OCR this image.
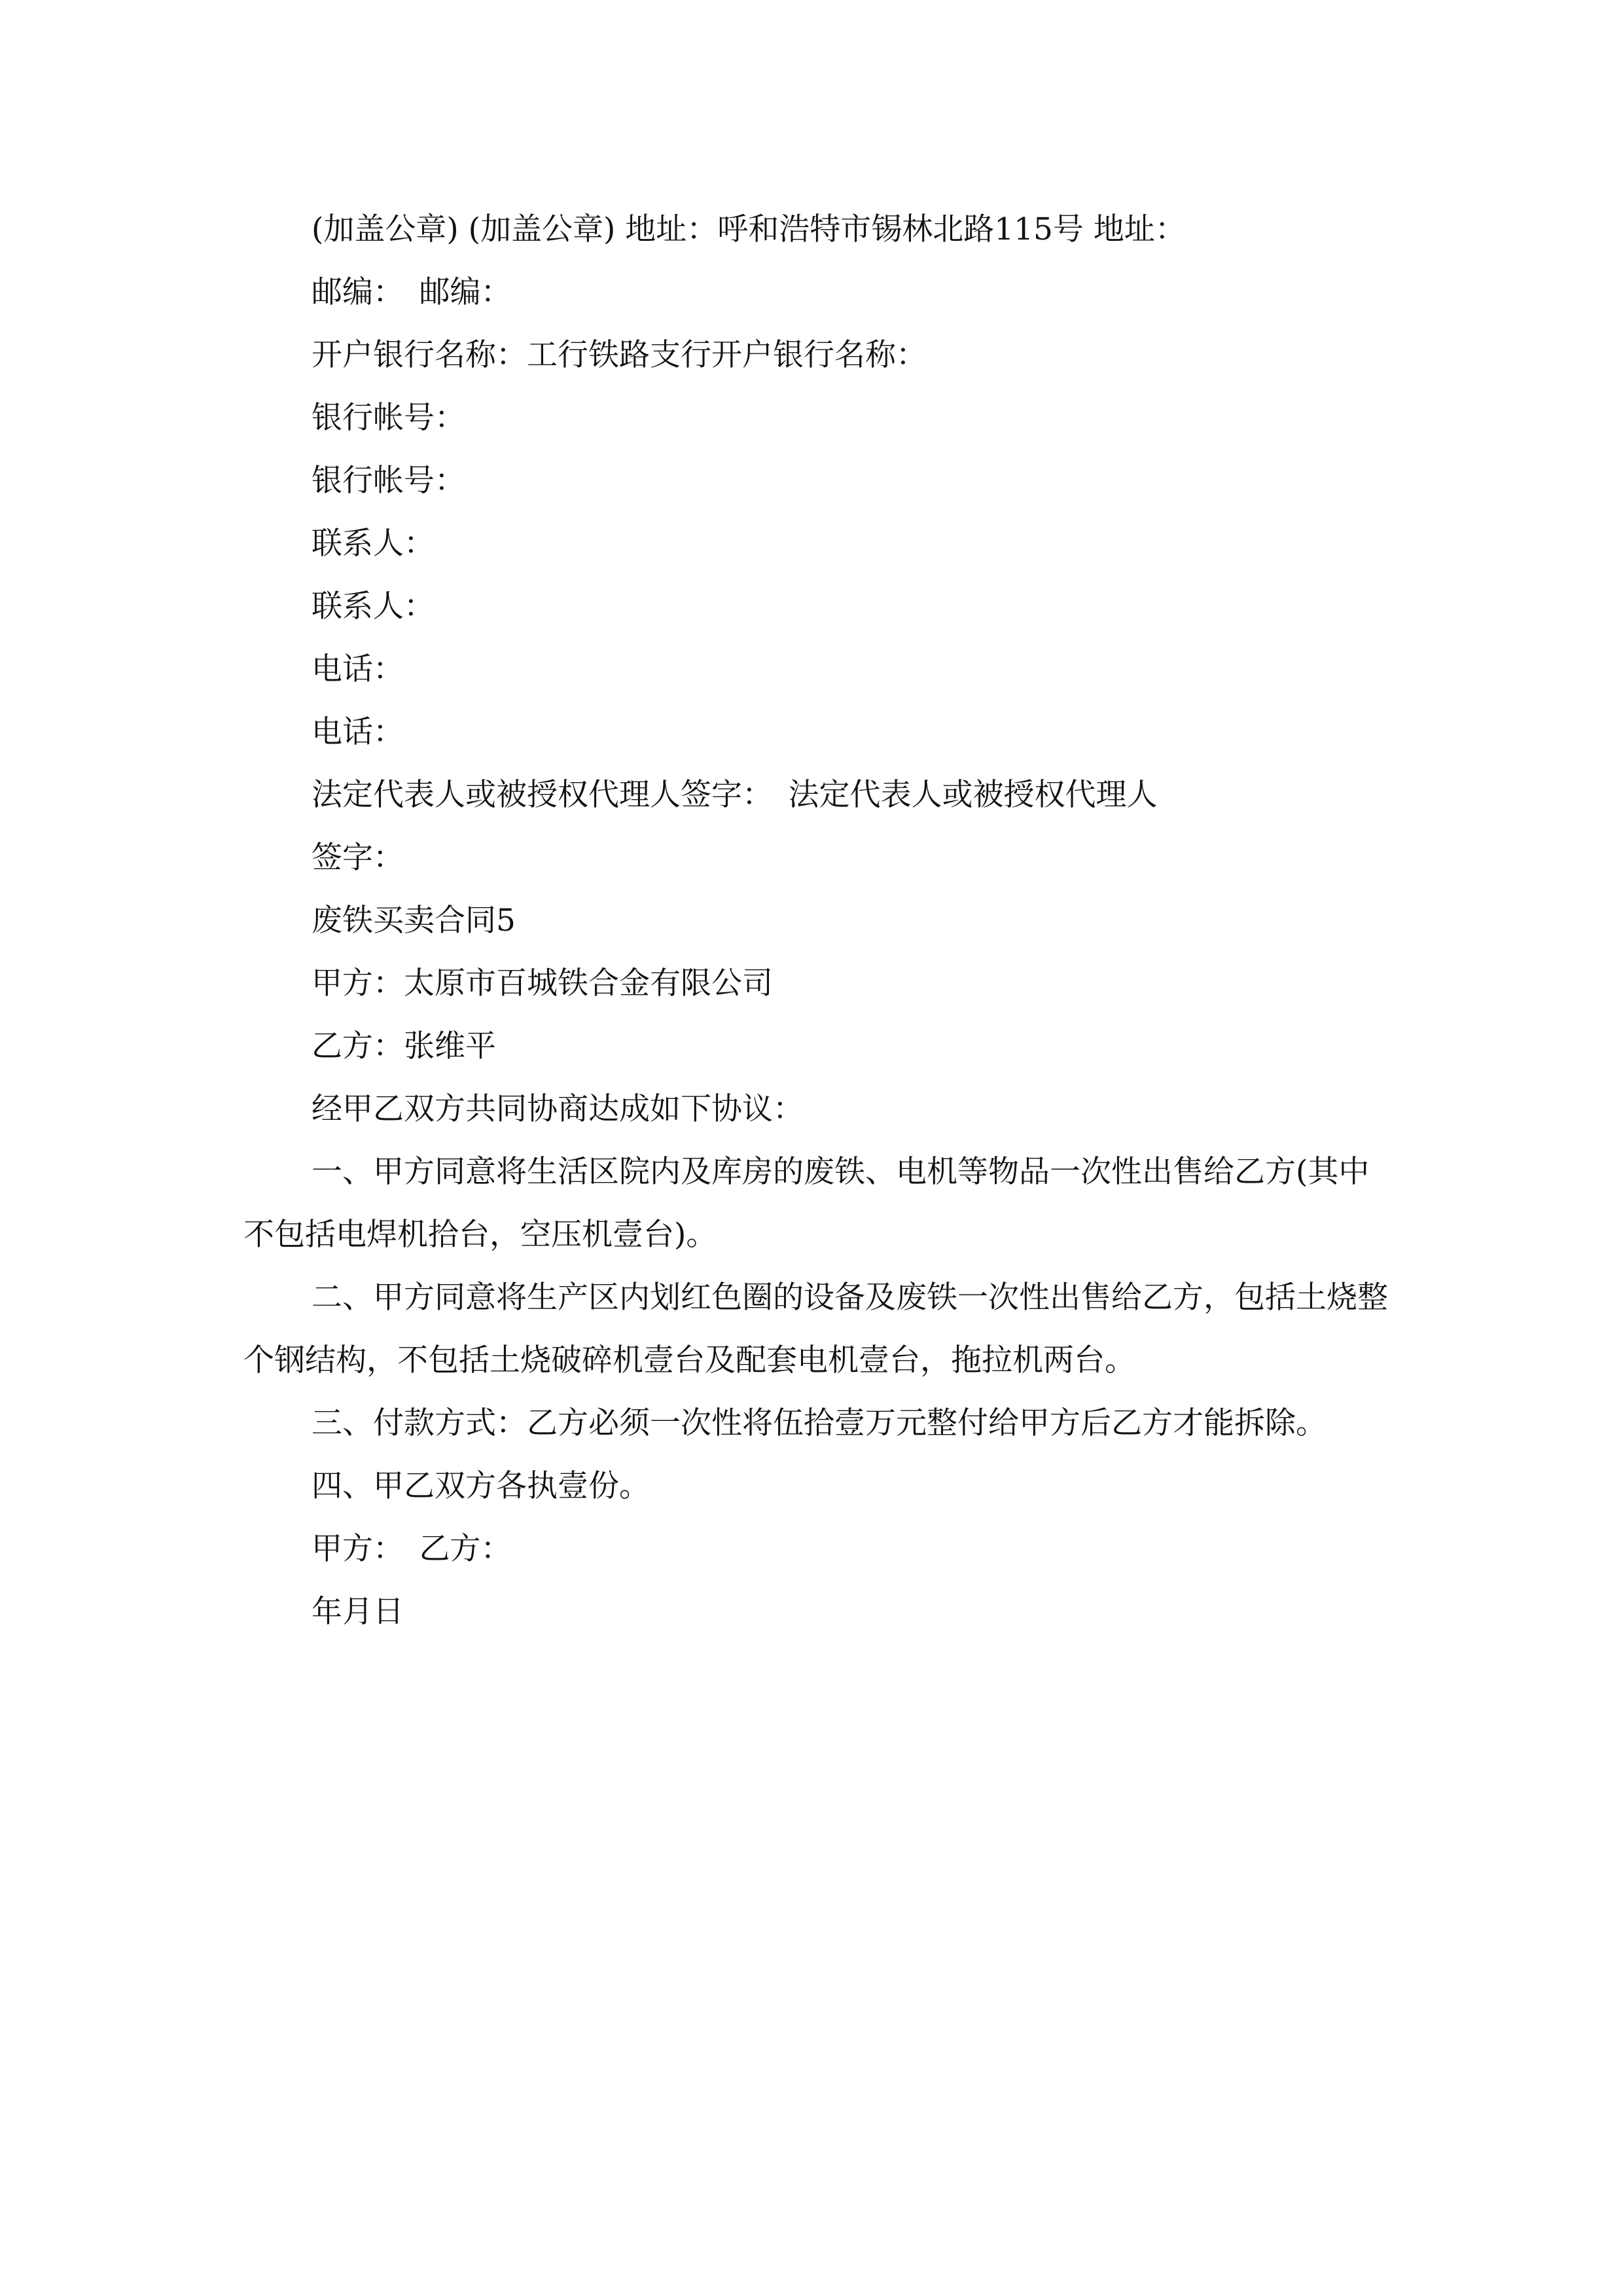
(加盖公章) (加盖公章) 地址：呼和浩特市锡林北路115号 地址：

邮编：　邮编：

开户银行名称：工行铁路支行开户银行名称：

银行帐号：

银行帐号：

联系人：

联系人：

电话：

电话：

法定代表人或被授权代理人签字：　法定代表人或被授权代理人

签字：

废铁买卖合同5

甲方：太原市百城铁合金有限公司

乙方：张维平

经甲乙双方共同协商达成如下协议：

一、甲方同意将生活区院内及库房的废铁、电机等物品一次性出售给乙方(其中不包括电焊机拾台，空压机壹台)。

二、甲方同意将生产区内划红色圈的设备及废铁一次性出售给乙方，包括土烧整个钢结构，不包括土烧破碎机壹台及配套电机壹台，拖拉机两台。

三、付款方式：乙方必须一次性将伍拾壹万元整付给甲方后乙方才能拆除。

四、甲乙双方各执壹份。

甲方：　乙方：

年月日
